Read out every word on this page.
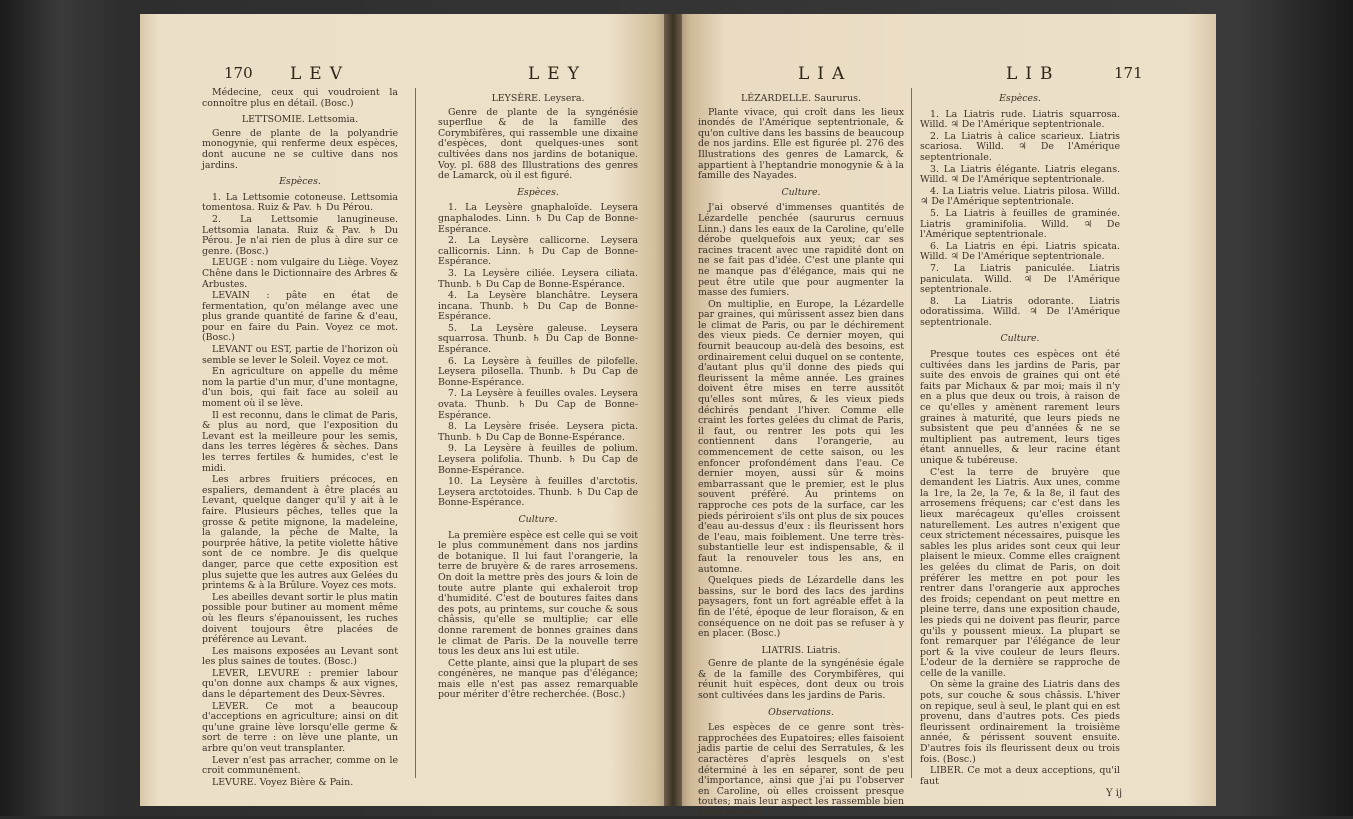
170 LEV	LEY

Médecine, ceux qui voudroient la connoître plus en détail. (Bosc.)

LETTSOMIE. Lettsomia.

Genre de plante de la polyandrie monogynie, qui renferme deux espèces, dont aucune ne se cultive dans nos jardins.

Espèces.

1. La Lettsomie cotoneuse. Lettsomia tomentosa. Ruiz & Pav. ♄ Du Pérou.

2. La Lettsomie lanugineuse. Lettsomia lanata. Ruiz & Pav. ♄ Du Pérou. Je n'ai rien de plus à dire sur ce genre. (Bosc.)

LEUGE : nom vulgaire du Liège. Voyez Chêne dans le Dictionnaire des Arbres & Arbustes.

LEVAIN : pâte en état de fermentation, qu'on mélange avec une plus grande quantité de farine & d'eau, pour en faire du Pain. Voyez ce mot. (Bosc.)

LEVANT ou EST, partie de l'horizon où semble se lever le Soleil. Voyez ce mot.

En agriculture on appelle du même nom la partie d'un mur, d'une montagne, d'un bois, qui fait face au soleil au moment où il se lève.

Il est reconnu, dans le climat de Paris, & plus au nord, que l'exposition du Levant est la meilleure pour les semis, dans les terres légères & sèches. Dans les terres fertiles & humides, c'est le midi.

Les arbres fruitiers précoces, en espaliers, demandent à être placés au Levant, quelque danger qu'il y ait à le faire. Plusieurs pêches, telles que la grosse & petite mignone, la madeleine, la galande, la pêche de Malte, la pourprée hâtive, la petite violette hâtive sont de ce nombre. Je dis quelque danger, parce que cette exposition est plus sujette que les autres aux Gelées du printems & à la Brûlure. Voyez ces mots.

Les abeilles devant sortir le plus matin possible pour butiner au moment même où les fleurs s'épanouissent, les ruches doivent toujours être placées de préférence au Levant.

Les maisons exposées au Levant sont les plus saines de toutes. (Bosc.)

LEVER, LEVURE : premier labour qu'on donne aux champs & aux vignes, dans le département des Deux-Sèvres.

LEVER. Ce mot a beaucoup d'acceptions en agriculture; ainsi on dit qu'une graine lève lorsqu'elle germe & sort de terre : on lève une plante, un arbre qu'on veut transplanter.

Lever n'est pas arracher, comme on le croit communément.

LEVURE. Voyez Bière & Pain.

LEYSÈRE. Leysera.

Genre de plante de la syngénésie superflue & de la famille des Corymbifères, qui rassemble une dixaine d'espèces, dont quelques-unes sont cultivées dans nos jardins de botanique. Voy. pl. 688 des Illustrations des genres de Lamarck, où il est figuré.

Espèces.

1. La Leysère gnaphaloïde. Leysera gnaphalodes. Linn. ♄ Du Cap de Bonne-Espérance.

2. La Leysère callicorne. Leysera callicornis. Linn. ♄ Du Cap de Bonne-Espérance.

3. La Leysère ciliée. Leysera ciliata. Thunb. ♄ Du Cap de Bonne-Espérance.

4. La Leysère blanchâtre. Leysera incana. Thunb. ♄ Du Cap de Bonne-Espérance.

5. La Leysère galeuse. Leysera squarrosa. Thunb. ♄ Du Cap de Bonne-Espérance.

6. La Leysère à feuilles de pilofelle. Leysera pilosella. Thunb. ♄ Du Cap de Bonne-Espérance.

7. La Leysère à feuilles ovales. Leysera ovata. Thunb. ♄ Du Cap de Bonne-Espérance.

8. La Leysère frisée. Leysera picta. Thunb. ♄ Du Cap de Bonne-Espérance.

9. La Leysère à feuilles de polium. Leysera polifolia. Thunb. ♄ Du Cap de Bonne-Espérance.

10. La Leysère à feuilles d'arctotis. Leysera arctotoides. Thunb. ♄ Du Cap de Bonne-Espérance.

Culture.

La première espèce est celle qui se voit le plus communément dans nos jardins de botanique. Il lui faut l'orangerie, la terre de bruyère & de rares arrosemens. On doit la mettre près des jours & loin de toute autre plante qui exhaleroit trop d'humidité. C'est de boutures faites dans des pots, au printems, sur couche & sous châssis, qu'elle se multiplie; car elle donne rarement de bonnes graines dans le climat de Paris. De la nouvelle terre tous les deux ans lui est utile.

Cette plante, ainsi que la plupart de ses congénères, ne manque pas d'élégance; mais elle n'est pas assez remarquable pour mériter d'être recherchée. (Bosc.)

LIA	LIB	171

LÉZARDELLE. Saururus.

Plante vivace, qui croît dans les lieux inondés de l'Amérique septentrionale, & qu'on cultive dans les bassins de beaucoup de nos jardins. Elle est figurée pl. 276 des Illustrations des genres de Lamarck, & appartient à l'heptandrie monogynie & à la famille des Nayades.

Culture.

J'ai observé d'immenses quantités de Lézardelle penchée (saururus cernuus Linn.) dans les eaux de la Caroline, qu'elle dérobe quelquefois aux yeux; car ses racines tracent avec une rapidité dont on ne se fait pas d'idée. C'est une plante qui ne manque pas d'élégance, mais qui ne peut être utile que pour augmenter la masse des fumiers.

On multiplie, en Europe, la Lézardelle par graines, qui mûrissent assez bien dans le climat de Paris, ou par le déchirement des vieux pieds. Ce dernier moyen, qui fournit beaucoup au-delà des besoins, est ordinairement celui duquel on se contente, d'autant plus qu'il donne des pieds qui fleurissent la même année. Les graines doivent être mises en terre aussitôt qu'elles sont mûres, & les vieux pieds déchirés pendant l'hiver. Comme elle craint les fortes gelées du climat de Paris, il faut, ou rentrer les pots qui les contiennent dans l'orangerie, au commencement de cette saison, ou les enfoncer profondément dans l'eau. Ce dernier moyen, aussi sûr & moins embarrassant que le premier, est le plus souvent préféré. Au printems on rapproche ces pots de la surface, car les pieds périroient s'ils ont plus de six pouces d'eau au-dessus d'eux : ils fleurissent hors de l'eau, mais foiblement. Une terre très-substantielle leur est indispensable, & il faut la renouveler tous les ans, en automne.

Quelques pieds de Lézardelle dans les bassins, sur le bord des lacs des jardins paysagers, font un fort agréable effet à la fin de l'été, époque de leur floraison, & en conséquence on ne doit pas se refuser à y en placer. (Bosc.)

LIATRIS. Liatris.

Genre de plante de la syngénésie égale & de la famille des Corymbifères, qui réunit huit espèces, dont deux ou trois sont cultivées dans les jardins de Paris.

Observations.

Les espèces de ce genre sont très-rapprochées des Eupatoires; elles faisoient jadis partie de celui des Serratules, & les caractères d'après lesquels on s'est déterminé à les en séparer, sont de peu d'importance, ainsi que j'ai pu l'observer en Caroline, où elles croissent presque toutes; mais leur aspect les rassemble bien certainement.

Espèces.

1. La Liatris rude. Liatris squarrosa. Willd. ♃ De l'Amérique septentrionale.

2. La Liatris à calice scarieux. Liatris scariosa. Willd. ♃ De l'Amérique septentrionale.

3. La Liatris élégante. Liatris elegans. Willd. ♃ De l'Amérique septentrionale.

4. La Liatris velue. Liatris pilosa. Willd. ♃ De l'Amérique septentrionale.

5. La Liatris à feuilles de graminée. Liatris graminifolia. Willd. ♃ De l'Amérique septentrionale.

6. La Liatris en épi. Liatris spicata. Willd. ♃ De l'Amérique septentrionale.

7. La Liatris paniculée. Liatris paniculata. Willd. ♃ De l'Amérique septentrionale.

8. La Liatris odorante. Liatris odoratissima. Willd. ♃ De l'Amérique septentrionale.

Culture.

Presque toutes ces espèces ont été cultivées dans les jardins de Paris, par suite des envois de graines qui ont été faits par Michaux & par moi; mais il n'y en a plus que deux ou trois, à raison de ce qu'elles y amènent rarement leurs graines à maturité, que leurs pieds ne subsistent que peu d'années & ne se multiplient pas autrement, leurs tiges étant annuelles, & leur racine étant unique & tubéreuse.

C'est la terre de bruyère que demandent les Liatris. Aux unes, comme la 1re, la 2e, la 7e, & la 8e, il faut des arrosemens fréquens; car c'est dans les lieux marécageux qu'elles croissent naturellement. Les autres n'exigent que ceux strictement nécessaires, puisque les sables les plus arides sont ceux qui leur plaisent le mieux. Comme elles craignent les gelées du climat de Paris, on doit préférer les mettre en pot pour les rentrer dans l'orangerie aux approches des froids; cependant on peut mettre en pleine terre, dans une exposition chaude, les pieds qui ne doivent pas fleurir, parce qu'ils y poussent mieux. La plupart se font remarquer par l'élégance de leur port & la vive couleur de leurs fleurs. L'odeur de la dernière se rapproche de celle de la vanille.

On sème la graine des Liatris dans des pots, sur couche & sous châssis. L'hiver on repique, seul à seul, le plant qui en est provenu, dans d'autres pots. Ces pieds fleurissent ordinairement la troisième année, & périssent souvent ensuite. D'autres fois ils fleurissent deux ou trois fois. (Bosc.)

LIBER. Ce mot a deux acceptions, qu'il faut

Y ij
